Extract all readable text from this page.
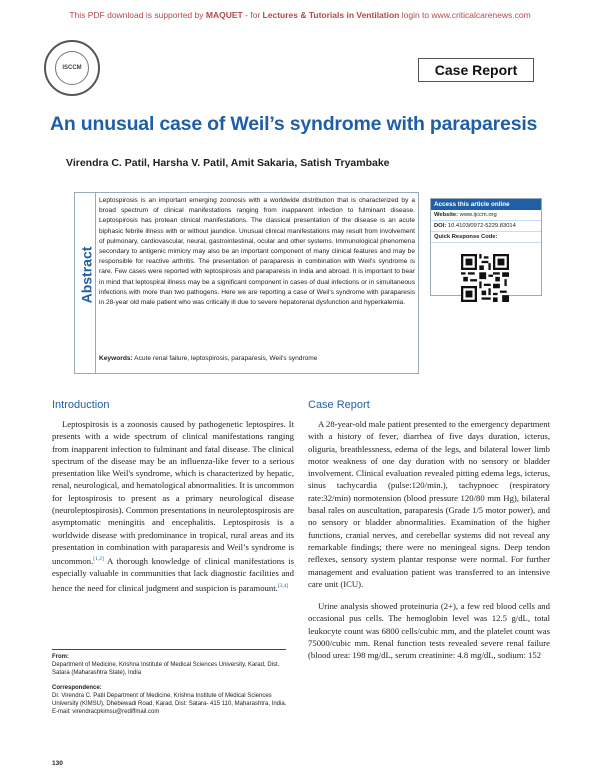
This PDF download is supported by MAQUET - for Lectures & Tutorials in Ventilation login to www.criticalcarenews.com
ISCCM	Case Report
An unusual case of Weil’s syndrome with paraparesis
Virendra C. Patil, Harsha V. Patil, Amit Sakaria, Satish Tryambake
Abstract
Leptospirosis is an important emerging zoonosis with a worldwide distribution that is characterized by a broad spectrum of clinical manifestations ranging from inapparent infection to fulminant disease. Leptospirosis has protean clinical manifestations. The classical presentation of the disease is an acute biphasic febrile illness with or without jaundice. Unusual clinical manifestations may result from involvement of pulmonary, cardiovascular, neural, gastrointestinal, ocular and other systems. Immunological phenomena secondary to antigenic mimicry may also be an important component of many clinical features and may be responsible for reactive arthritis. The presentation of paraparesis in combination with Weil's syndrome is rare. Few cases were reported with leptospirosis and paraparesis in India and abroad. It is important to bear in mind that leptospiral illness may be a significant component in cases of dual infections or in simultaneous infections with more than two pathogens. Here we are reporting a case of Weil's syndrome with paraparesis in 28-year old male patient who was critically ill due to severe hepatorenal dysfunction and hyperkalemia.
Keywords: Acute renal failure, leptospirosis, paraparesis, Weil's syndrome
Access this article online
Website: www.ijccm.org
DOI: 10.4103/0972-5229.83014
Quick Response Code:
Introduction

Leptospirosis is a zoonosis caused by pathogenetic leptospires. It presents with a wide spectrum of clinical manifestations ranging from inapparent infection to fulminant and fatal disease. The clinical spectrum of the disease may be an influenza-like fever to a serious presentation like Weil's syndrome, which is characterized by hepatic, renal, neurological, and hematological abnormalities. It is uncommon for leptospirosis to present as a primary neurological disease (neuroleptospirosis). Common presentations in neuroleptospirosis are asymptomatic meningitis and encephalitis. Leptospirosis is a worldwide disease with predominance in tropical, rural areas and its presentation in combination with paraparesis and Weil’s syndrome is uncommon.[1,2] A thorough knowledge of clinical manifestations is especially valuable in communities that lack diagnostic facilities and hence the need for clinical judgment and suspicion is paramount.[3,4]

Case Report

A 28-year-old male patient presented to the emergency department with a history of fever, diarrhea of five days duration, icterus, oliguria, breathlessness, edema of the legs, and bilateral lower limb motor weakness of one day duration with no sensory or bladder involvement. Clinical evaluation revealed pitting edema legs, icterus, sinus tachycardia (pulse:120/min.), tachypnoec (respiratory rate:32/min) normotension (blood pressure 120/80 mm Hg), bilateral basal rales on auscultation, paraparesis (Grade 1/5 motor power), and no sensory or bladder abnormalities. Examination of the higher functions, cranial nerves, and cerebellar systems did not reveal any remarkable findings; there were no meningeal signs. Deep tendon reflexes, sensory system plantar response were normal. For further management and evaluation patient was transferred to an intensive care unit (ICU).

Urine analysis showed proteinuria (2+), a few red blood cells and occasional pus cells. The hemoglobin level was 12.5 g/dL, total leukocyte count was 6800 cells/cubic mm, and the platelet count was 75000/cubic mm. Renal function tests revealed severe renal failure (blood urea: 198 mg/dL, serum creatinine: 4.8 mg/dL, sodium: 152

From:
Department of Medicine, Krishna Institute of Medical Sciences University, Karad, Dist. Satara (Maharashtra State), India
Correspondence:
Dr. Virendra C. Patil Department of Medicine, Krishna Institute of Medical Sciences University (KIMSU), Dhebewadi Road, Karad, Dist: Satara- 415 110, Maharashtra, India. E-mail: virendracpkimsu@rediffmail.com
130
